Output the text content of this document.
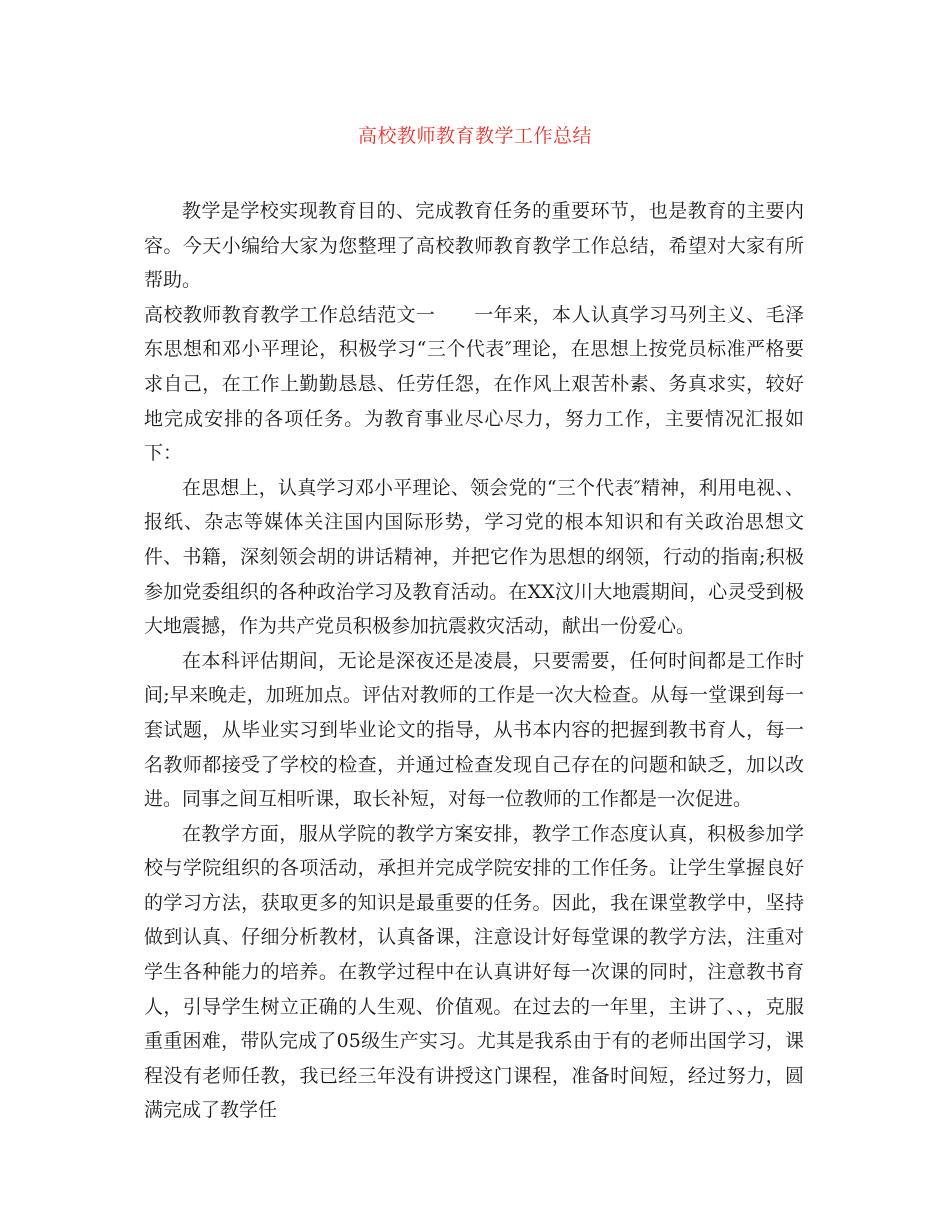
高校教师教育教学工作总结

教学是学校实现教育目的、完成教育任务的重要环节，也是教育的主要内容。今天小编给大家为您整理了高校教师教育教学工作总结，希望对大家有所帮助。

高校教师教育教学工作总结范文一　　一年来，本人认真学习马列主义、毛泽东思想和邓小平理论，积极学习“三个代表″理论，在思想上按党员标准严格要求自己，在工作上勤勤恳恳、任劳任怨，在作风上艰苦朴素、务真求实，较好地完成安排的各项任务。为教育事业尽心尽力，努力工作，主要情况汇报如下：

在思想上，认真学习邓小平理论、领会党的“三个代表″精神，利用电视、、报纸、杂志等媒体关注国内国际形势，学习党的根本知识和有关政治思想文件、书籍，深刻领会胡的讲话精神，并把它作为思想的纲领，行动的指南;积极参加党委组织的各种政治学习及教育活动。在XX汶川大地震期间，心灵受到极大地震撼，作为共产党员积极参加抗震救灾活动，献出一份爱心。

在本科评估期间，无论是深夜还是凌晨，只要需要，任何时间都是工作时间;早来晚走，加班加点。评估对教师的工作是一次大检查。从每一堂课到每一套试题，从毕业实习到毕业论文的指导，从书本内容的把握到教书育人，每一名教师都接受了学校的检查，并通过检查发现自己存在的问题和缺乏，加以改进。同事之间互相听课，取长补短，对每一位教师的工作都是一次促进。

在教学方面，服从学院的教学方案安排，教学工作态度认真，积极参加学校与学院组织的各项活动，承担并完成学院安排的工作任务。让学生掌握良好的学习方法，获取更多的知识是最重要的任务。因此，我在课堂教学中，坚持做到认真、仔细分析教材，认真备课，注意设计好每堂课的教学方法，注重对学生各种能力的培养。在教学过程中在认真讲好每一次课的同时，注意教书育人，引导学生树立正确的人生观、价值观。在过去的一年里，主讲了、、，克服重重困难，带队完成了05级生产实习。尤其是我系由于有的老师出国学习，课程没有老师任教，我已经三年没有讲授这门课程，准备时间短，经过努力，圆满完成了教学任
